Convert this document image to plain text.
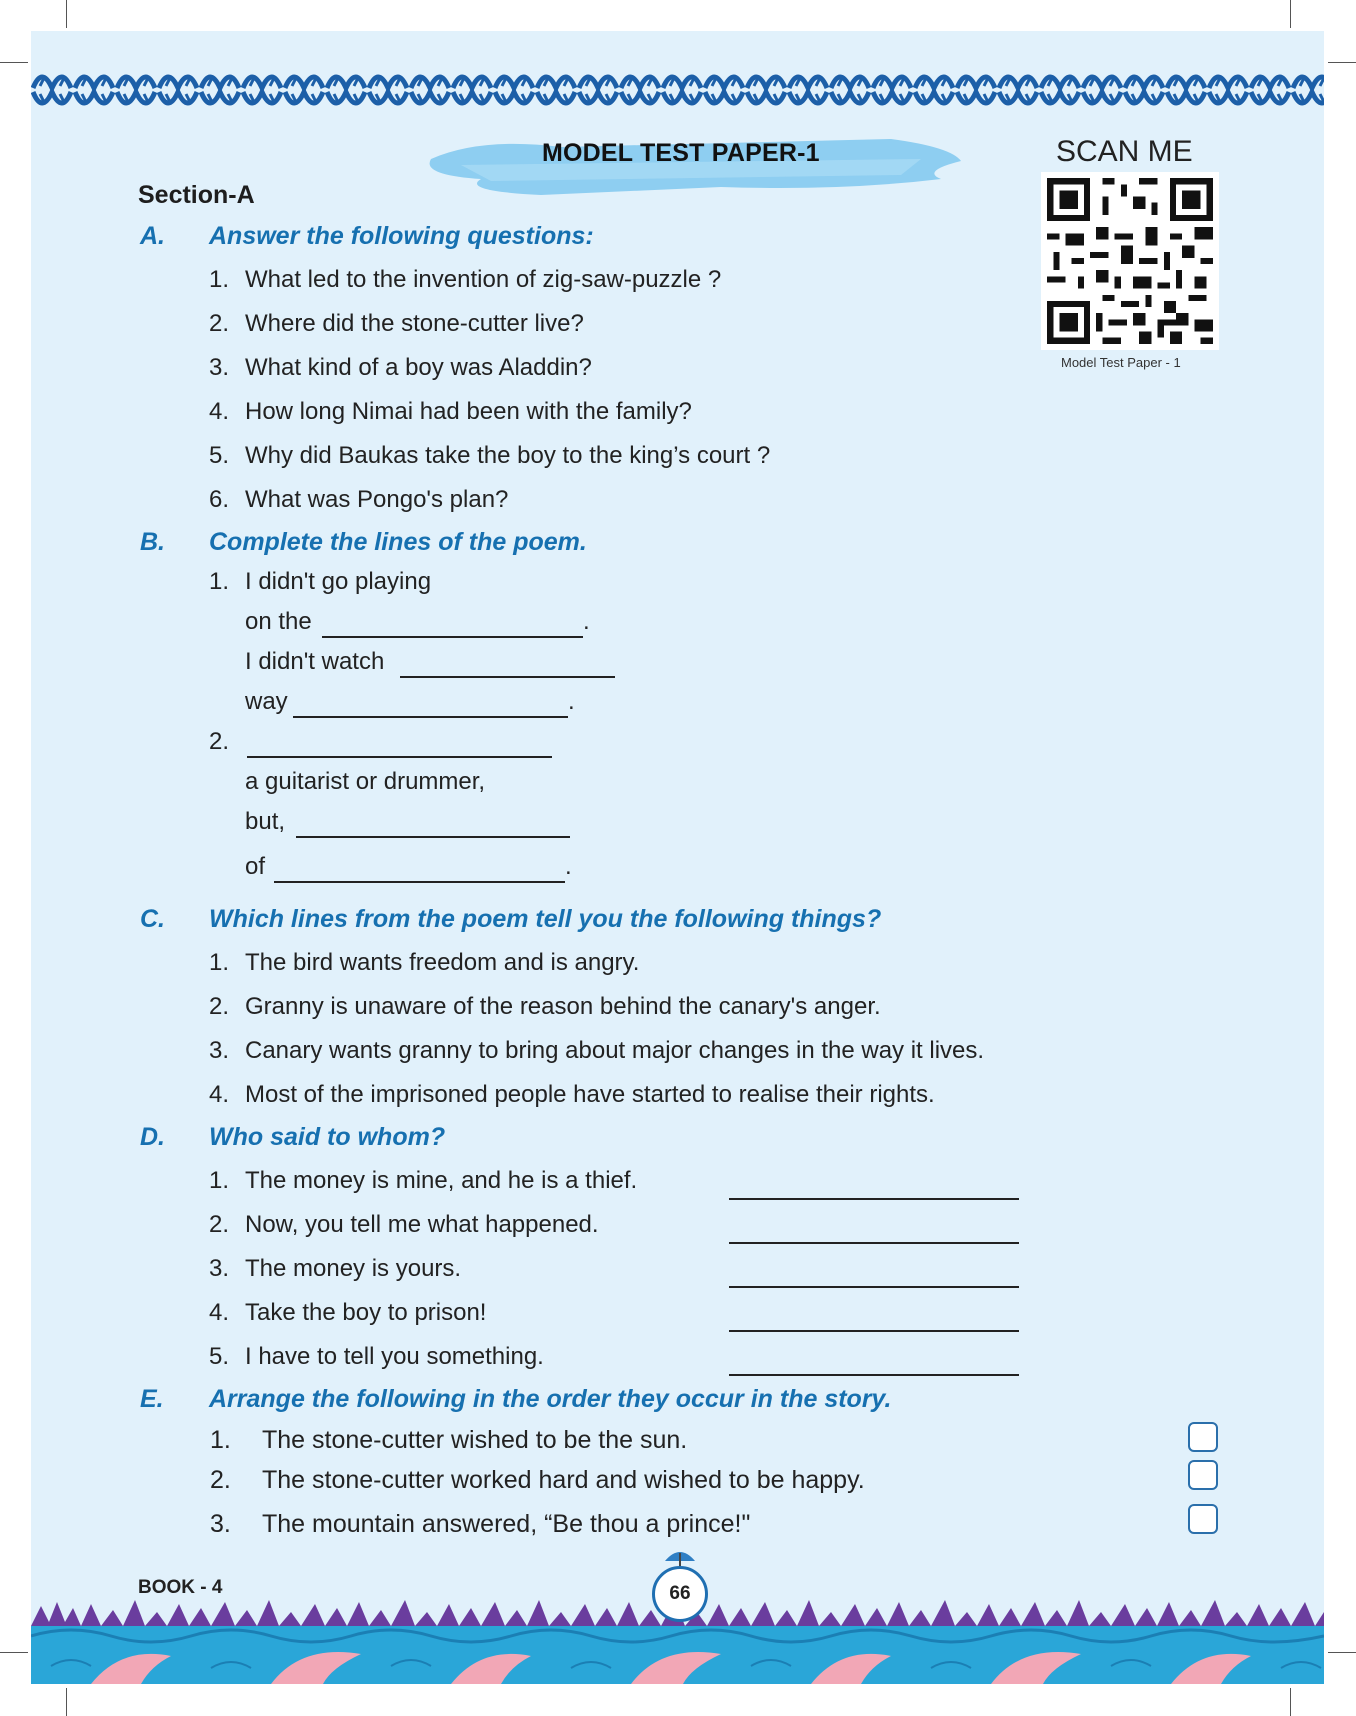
MODEL TEST PAPER-1	SCAN ME
Model Test Paper - 1
Section-A
A. Answer the following questions:
1. What led to the invention of zig-saw-puzzle ?
2. Where did the stone-cutter live?
3. What kind of a boy was Aladdin?
4. How long Nimai had been with the family?
5. Why did Baukas take the boy to the king’s court ?
6. What was Pongo's plan?
B. Complete the lines of the poem.
1. I didn't go playing
on the	.
I didn't watch
way	.
2.
a guitarist or drummer,
but,
of	.
C. Which lines from the poem tell you the following things?
1. The bird wants freedom and is angry.
2. Granny is unaware of the reason behind the canary's anger.
3. Canary wants granny to bring about major changes in the way it lives.
4. Most of the imprisoned people have started to realise their rights.
D. Who said to whom?
1. The money is mine, and he is a thief.
2. Now, you tell me what happened.
3. The money is yours.
4. Take the boy to prison!
5. I have to tell you something.
E. Arrange the following in the order they occur in the story.
1. The stone-cutter wished to be the sun.
2. The stone-cutter worked hard and wished to be happy.
3. The mountain answered, “Be thou a prince!"
BOOK - 4	66
